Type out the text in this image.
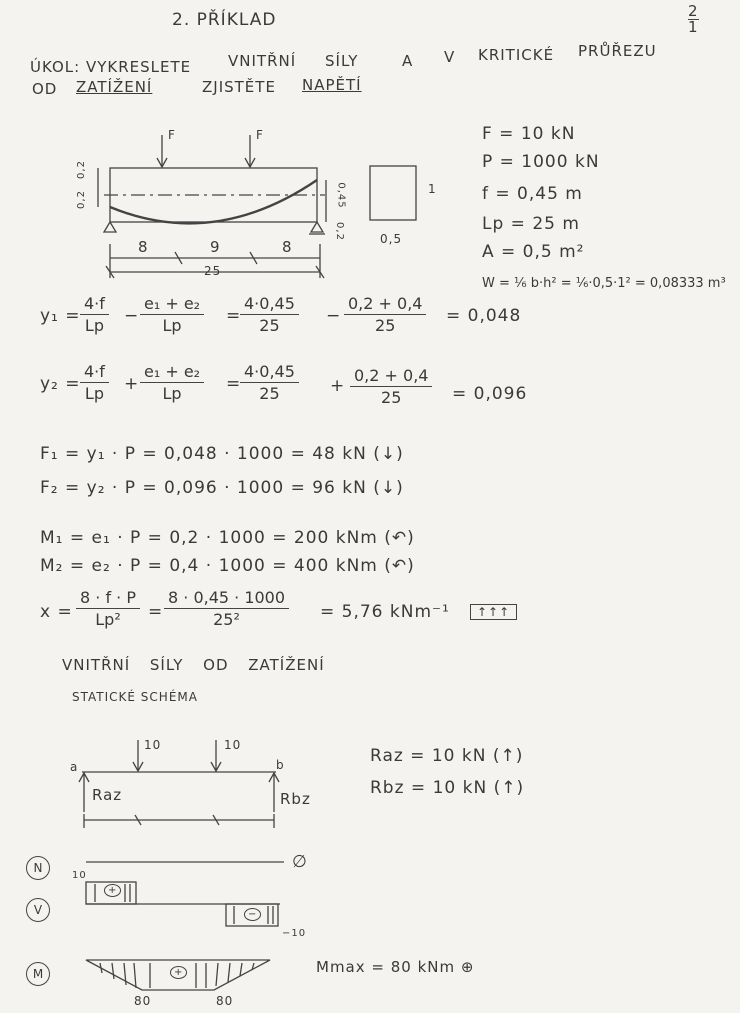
2. PŘÍKLAD	2
1
ÚKOL: VYKRESLETE VNITŘNÍ SÍLY	A V KRITICKÉ PRŮŘEZU
OD ZATÍŽENÍ	ZJISTĚTE NAPĚTÍ
F	F
0,2
0,2	0,45
0,2
8	9	8
25
1
0,5
F = 10 kN
P = 1000 kN
f = 0,45 m
Lp = 25 m
A = 0,5 m²
W = ⅙ b·h² = ⅙·0,5·1² = 0,08333 m³
$y_1 = \frac{4\cdot f}{Lp} - \frac{\text{e₁ + e₂}}{Lp}$ =
$\frac{4\cdot 0,45}{25} - \frac{0,2 + 0,4}{25} = 0,048$
$y_2 = \frac{4\cdot f}{Lp} + \frac{\text{e₁ + e₂}}{Lp}$ =
$\frac{4\cdot 0,45}{25} + \frac{0,2 + 0,4}{25} = 0,096$
F₁ = y₁ · P = 0,048 · 1000 = 48 kN (↓)
F₂ = y₂ · P = 0,096 · 1000 = 96 kN (↓)
M₁ = e₁ · P = 0,2 · 1000 = 200 kNm (↶)
M₂ = e₂ · P = 0,4 · 1000 = 400 kNm (↶)
$x = \frac{8 \cdot f \cdot P}{\text{Lp²}} = \frac{8 \cdot 0,45 \cdot 1000}{\text{25²}} = 5,76$ kNm⁻¹	↑↑↑
VNITŘNÍ SÍLY OD ZATÍŽENÍ
STATICKÉ SCHÉMA
10	10
a	b
Raz	Rbz
Raz = 10 kN (↑)
Rbz = 10 kN (↑)
N	∅
V
10
+
−
−10
M	+
80	80
Mmax = 80 kNm ⊕
